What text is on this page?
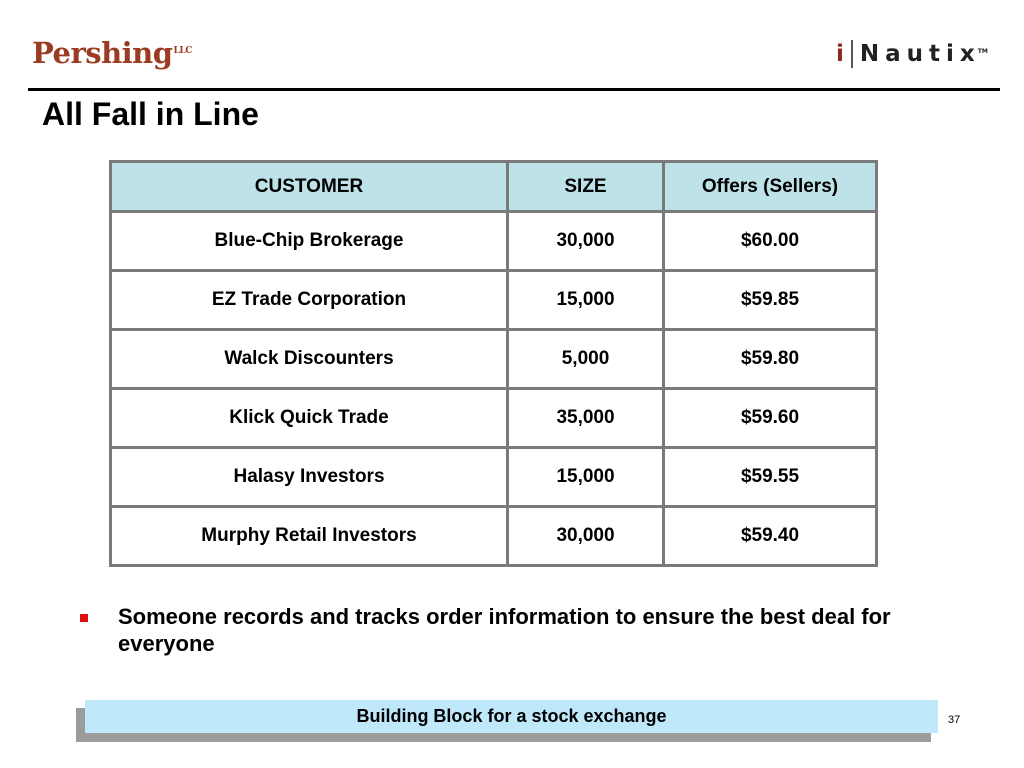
Pershing$^{LLC}$	i Nautix
TM
All Fall in Line
CUSTOMER	SIZE	Offers (Sellers)
Blue-Chip Brokerage	30,000	$60.00
EZ Trade Corporation	15,000	$59.85
Walck Discounters	5,000	$59.80
Klick Quick Trade	35,000	$59.60
Halasy Investors	15,000	$59.55
Murphy Retail Investors	30,000	$59.40
Someone records and tracks order information to ensure the best deal for everyone
Building Block for a stock exchange	37
